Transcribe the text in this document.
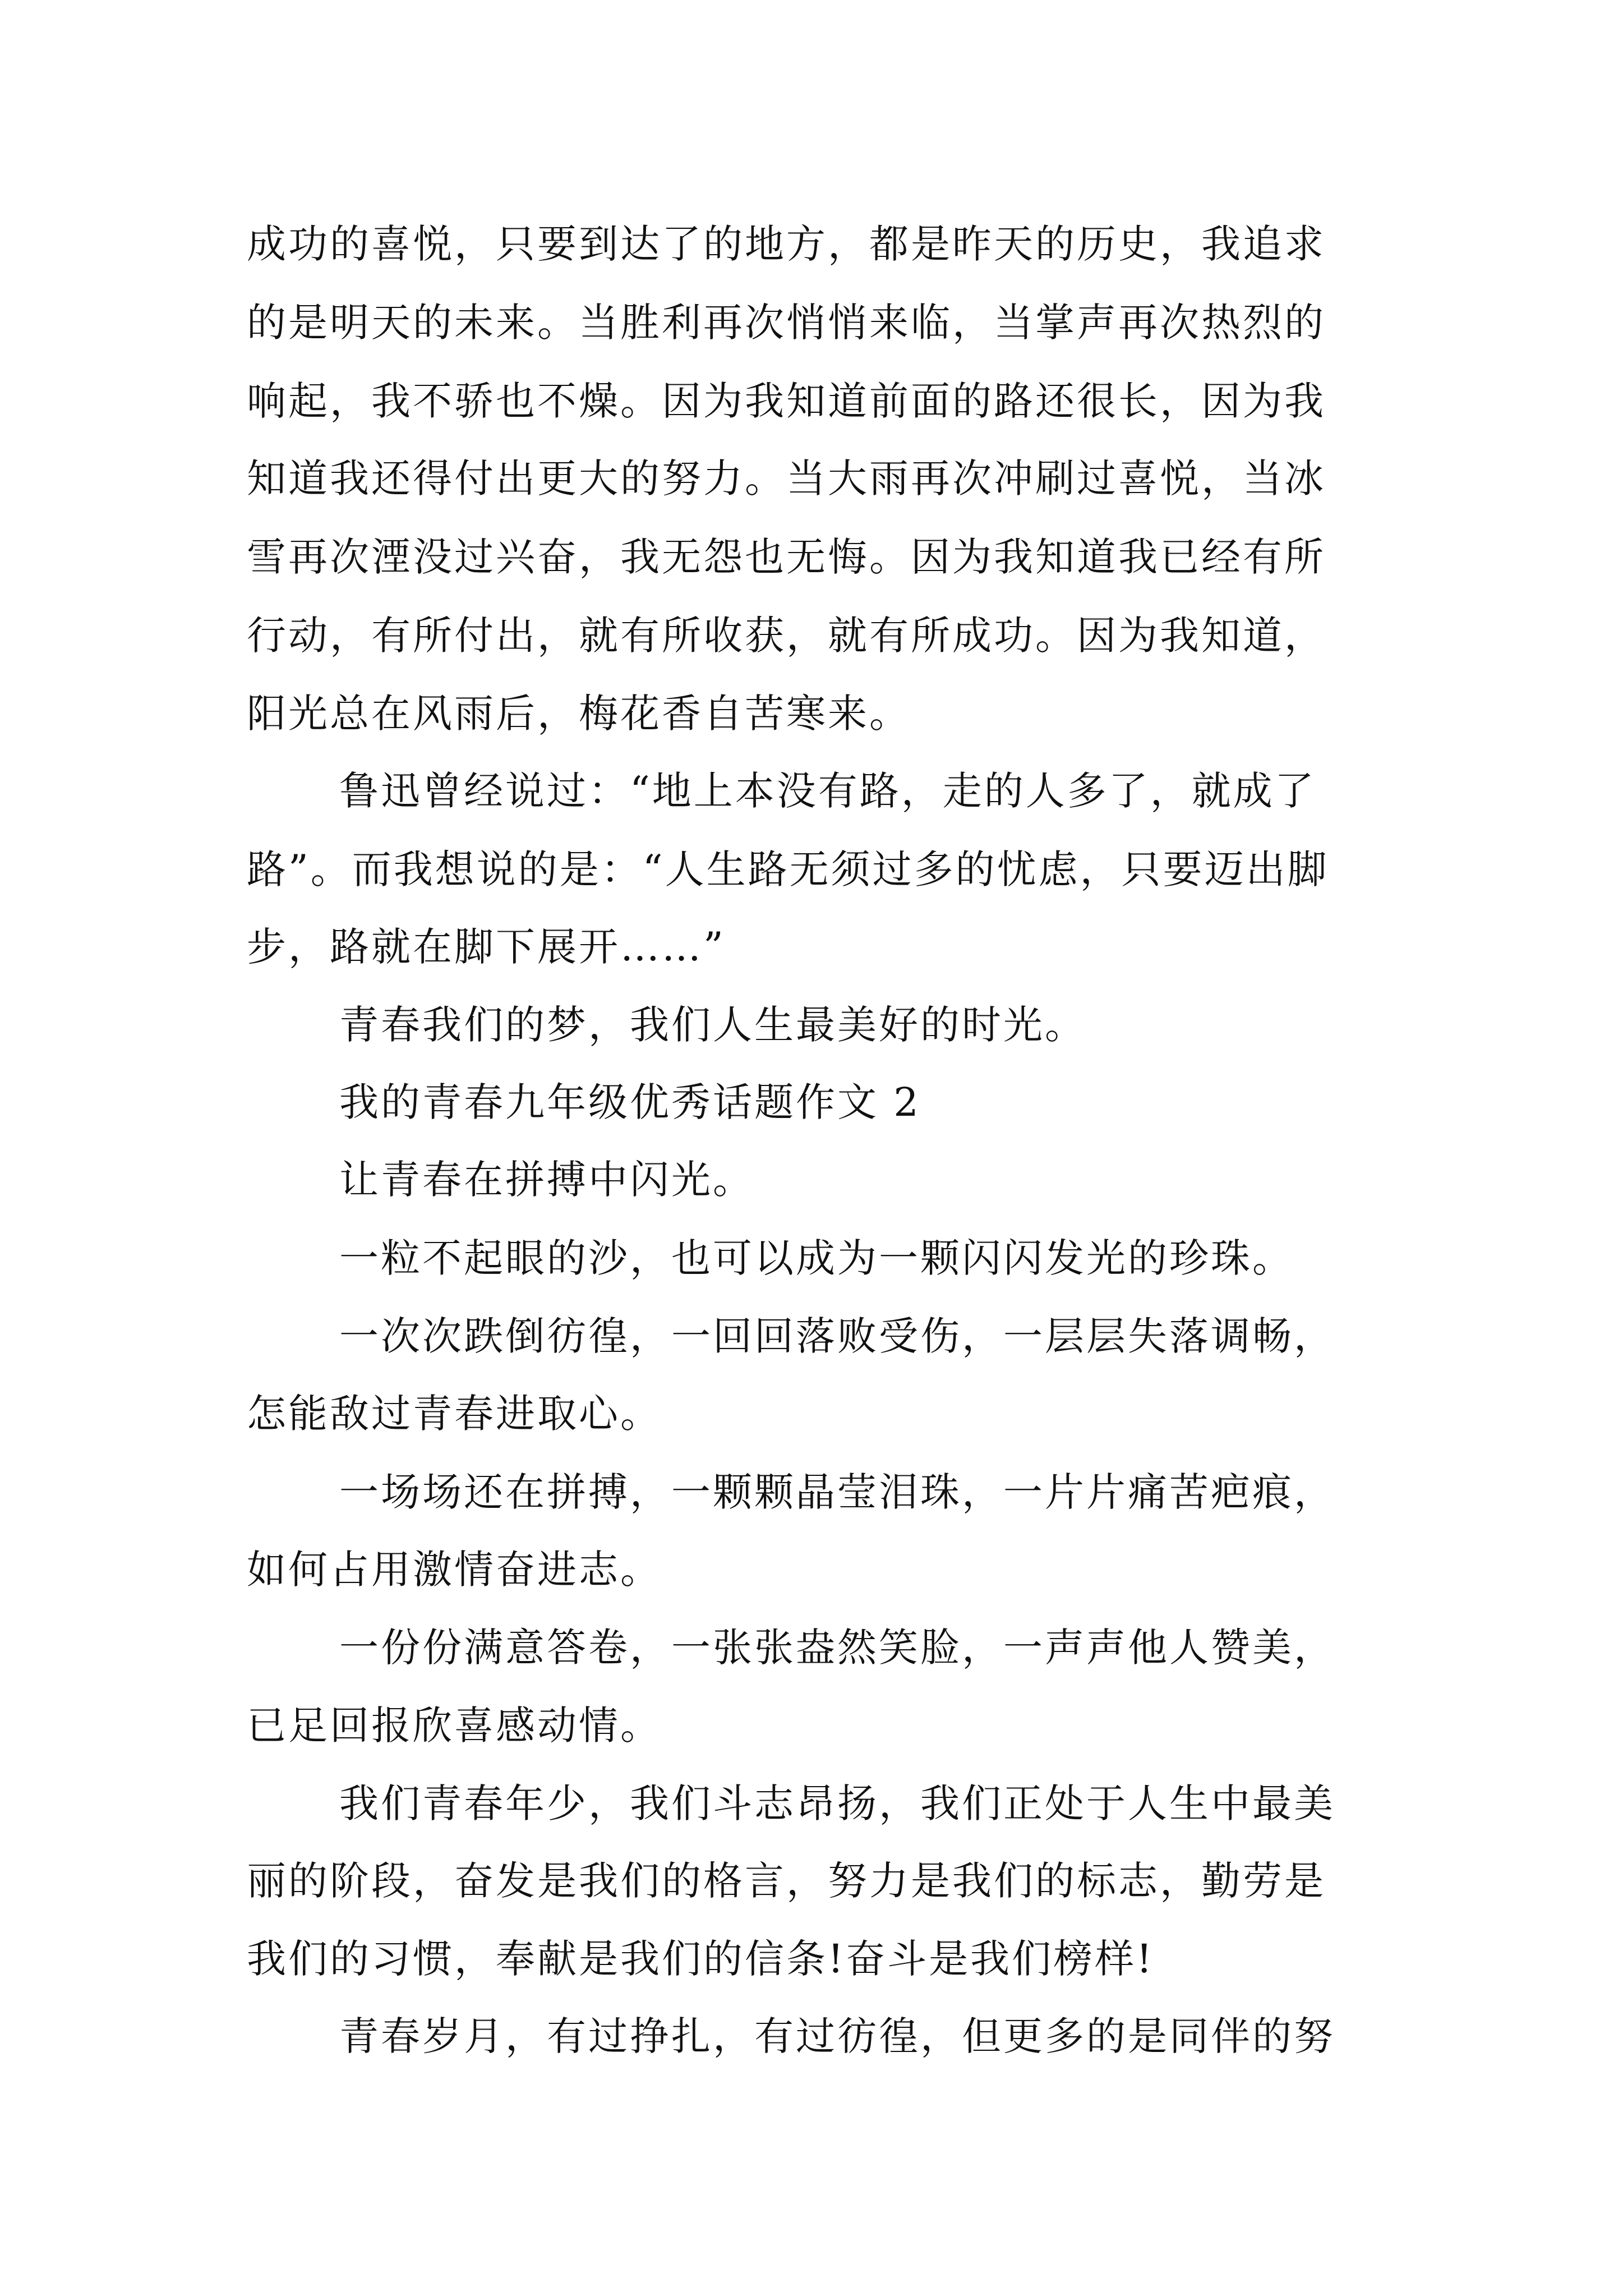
成功的喜悦，只要到达了的地方，都是昨天的历史，我追求
的是明天的未来。当胜利再次悄悄来临，当掌声再次热烈的
响起，我不骄也不燥。因为我知道前面的路还很长，因为我
知道我还得付出更大的努力。当大雨再次冲刷过喜悦，当冰
雪再次湮没过兴奋，我无怨也无悔。因为我知道我已经有所
行动，有所付出，就有所收获，就有所成功。因为我知道，
阳光总在风雨后，梅花香自苦寒来。
鲁迅曾经说过：“地上本没有路，走的人多了，就成了
路”。而我想说的是：“人生路无须过多的忧虑，只要迈出脚
步，路就在脚下展开……”
青春我们的梦，我们人生最美好的时光。
我的青春九年级优秀话题作文 2
让青春在拼搏中闪光。
一粒不起眼的沙，也可以成为一颗闪闪发光的珍珠。
一次次跌倒彷徨，一回回落败受伤，一层层失落调畅，
怎能敌过青春进取心。
一场场还在拼搏，一颗颗晶莹泪珠，一片片痛苦疤痕，
如何占用激情奋进志。
一份份满意答卷，一张张盎然笑脸，一声声他人赞美，
已足回报欣喜感动情。
我们青春年少，我们斗志昂扬，我们正处于人生中最美
丽的阶段，奋发是我们的格言，努力是我们的标志，勤劳是
我们的习惯，奉献是我们的信条!奋斗是我们榜样!
青春岁月，有过挣扎，有过彷徨，但更多的是同伴的努
